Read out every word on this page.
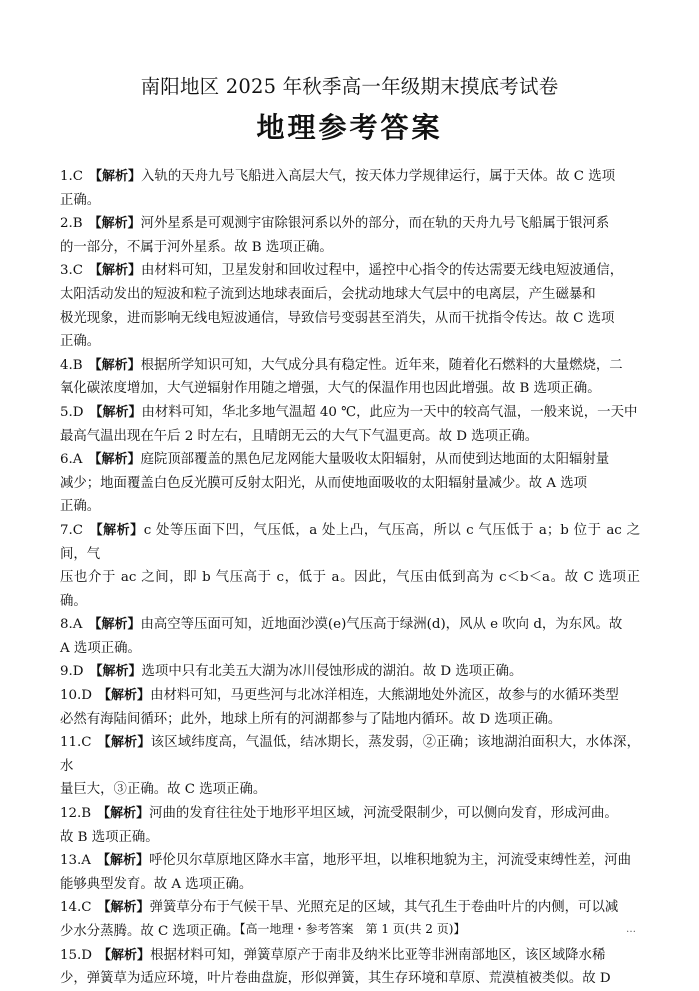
南阳地区 2025 年秋季高一年级期末摸底考试卷
地理参考答案
1.C 【解析】入轨的天舟九号飞船进入高层大气，按天体力学规律运行，属于天体。故 C 选项
正确。
2.B 【解析】河外星系是可观测宇宙除银河系以外的部分，而在轨的天舟九号飞船属于银河系
的一部分，不属于河外星系。故 B 选项正确。
3.C 【解析】由材料可知，卫星发射和回收过程中，遥控中心指令的传达需要无线电短波通信，
太阳活动发出的短波和粒子流到达地球表面后，会扰动地球大气层中的电离层，产生磁暴和
极光现象，进而影响无线电短波通信，导致信号变弱甚至消失，从而干扰指令传达。故 C 选项
正确。
4.B 【解析】根据所学知识可知，大气成分具有稳定性。近年来，随着化石燃料的大量燃烧，二
氧化碳浓度增加，大气逆辐射作用随之增强，大气的保温作用也因此增强。故 B 选项正确。
5.D 【解析】由材料可知，华北多地气温超 40 ℃，此应为一天中的较高气温，一般来说，一天中
最高气温出现在午后 2 时左右，且晴朗无云的大气下气温更高。故 D 选项正确。
6.A 【解析】庭院顶部覆盖的黑色尼龙网能大量吸收太阳辐射，从而使到达地面的太阳辐射量
减少；地面覆盖白色反光膜可反射太阳光，从而使地面吸收的太阳辐射量减少。故 A 选项
正确。
7.C 【解析】c 处等压面下凹，气压低，a 处上凸，气压高，所以 c 气压低于 a；b 位于 ac 之间，气
压也介于 ac 之间，即 b 气压高于 c，低于 a。因此，气压由低到高为 c＜b＜a。故 C 选项正确。
8.A 【解析】由高空等压面可知，近地面沙漠(e)气压高于绿洲(d)，风从 e 吹向 d，为东风。故
A 选项正确。
9.D 【解析】选项中只有北美五大湖为冰川侵蚀形成的湖泊。故 D 选项正确。
10.D 【解析】由材料可知，马更些河与北冰洋相连，大熊湖地处外流区，故参与的水循环类型
必然有海陆间循环；此外，地球上所有的河湖都参与了陆地内循环。故 D 选项正确。
11.C 【解析】该区域纬度高，气温低，结冰期长，蒸发弱，②正确；该地湖泊面积大，水体深，水
量巨大，③正确。故 C 选项正确。
12.B 【解析】河曲的发育往往处于地形平坦区域，河流受限制少，可以侧向发育，形成河曲。
故 B 选项正确。
13.A 【解析】呼伦贝尔草原地区降水丰富，地形平坦，以堆积地貌为主，河流受束缚性差，河曲
能够典型发育。故 A 选项正确。
14.C 【解析】弹簧草分布于气候干旱、光照充足的区域，其气孔生于卷曲叶片的内侧，可以减
少水分蒸腾。故 C 选项正确。
15.D 【解析】根据材料可知，弹簧草原产于南非及纳米比亚等非洲南部地区，该区域降水稀
少，弹簧草为适应环境，叶片卷曲盘旋，形似弹簧，其生存环境和草原、荒漠植被类似。故 D
【高一地理・参考答案　第 1 页(共 2 页)】	…
